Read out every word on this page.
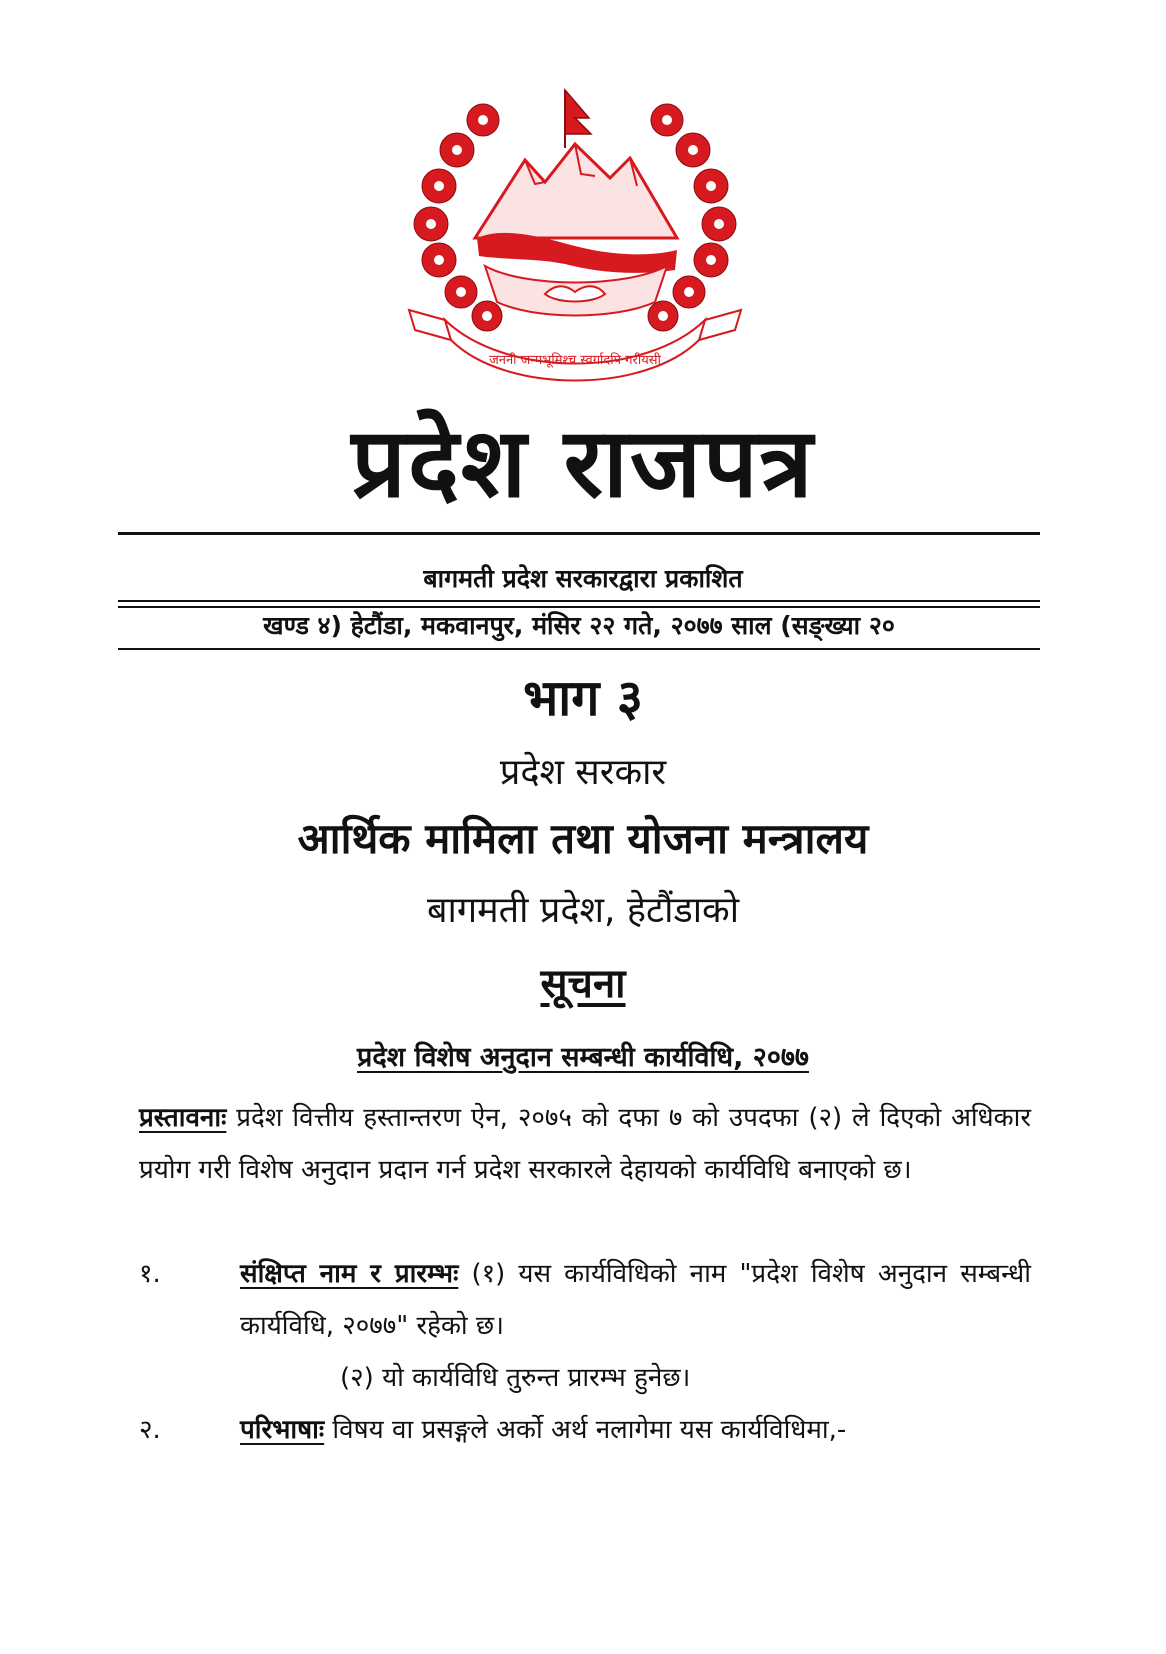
जननी जन्मभूमिश्च स्वर्गादपि गरीयसी
प्रदेश राजपत्र
बागमती प्रदेश सरकारद्वारा प्रकाशित
खण्ड ४) हेटौंडा, मकवानपुर, मंसिर २२ गते, २०७७ साल (सङ्ख्या २०
भाग ३
प्रदेश सरकार
आर्थिक मामिला तथा योजना मन्त्रालय
बागमती प्रदेश, हेटौंडाको
सूचना
प्रदेश विशेष अनुदान सम्बन्धी कार्यविधि, २०७७
प्रस्तावनाः प्रदेश वित्तीय हस्तान्तरण ऐन, २०७५ को दफा ७ को उपदफा (२) ले दिएको अधिकार प्रयोग गरी विशेष अनुदान प्रदान गर्न प्रदेश सरकारले देहायको कार्यविधि बनाएको छ।
१.	संक्षिप्त नाम र प्रारम्भः (१) यस कार्यविधिको नाम "प्रदेश विशेष अनुदान सम्बन्धी कार्यविधि, २०७७" रहेको छ।
(२) यो कार्यविधि तुरुन्त प्रारम्भ हुनेछ।
२.	परिभाषाः विषय वा प्रसङ्गले अर्को अर्थ नलागेमा यस कार्यविधिमा,-
